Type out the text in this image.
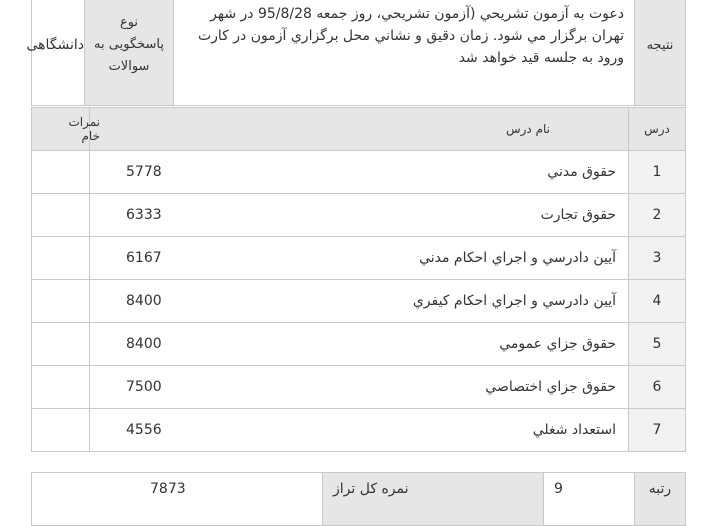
نتیجه	دعوت به آزمون تشريحي (آزمون تشريحي، روز جمعه 95/8/28 در شهر تهران برگزار مي شود. زمان دقيق و نشاني محل برگزاري آزمون در کارت ورود به جلسه قيد خواهد شد	نوع پاسخگویی به سوالات	دانشگاهی
درس	نام درس	نمرات خام
1	حقوق مدني	5778
2	حقوق تجارت	6333
3	آيين دادرسي و اجراي احكام مدني	6167
4	آيين دادرسي و اجراي احكام كيفري	8400
5	حقوق جزاي عمومي	8400
6	حقوق جزاي اختصاصي	7500
7	استعداد شغلي	4556
رتبه	9	نمره کل تراز	7873
